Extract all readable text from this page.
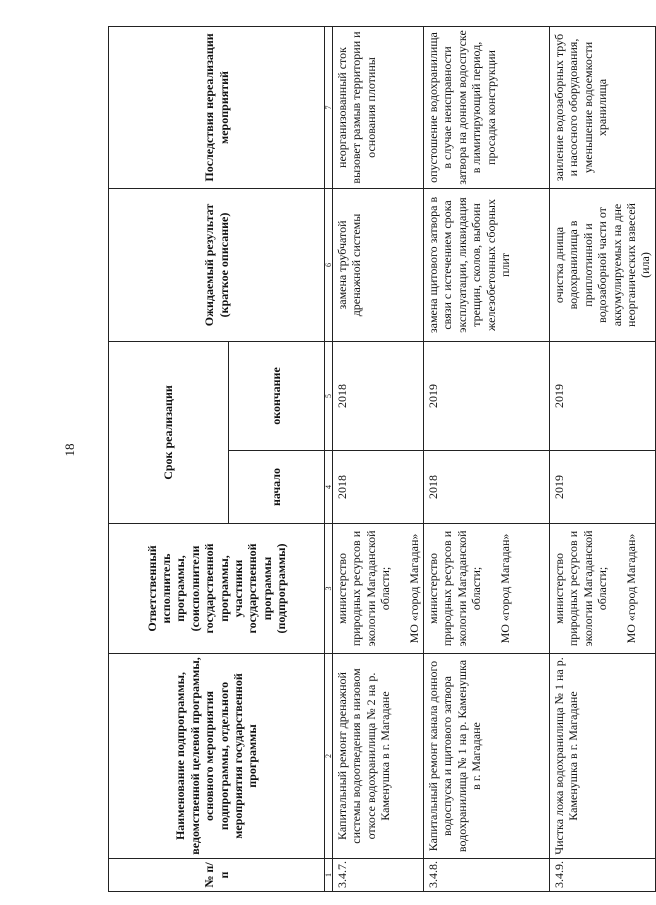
18
№ п/п	Наименование подпрограммы, ведомственной целевой программы, основного мероприятия подпрограммы, отдельного мероприятия государственной программы	Ответственный исполнитель программы, (соисполнители государственной программы, участники государственной программы (подпрограммы)	Срок реализации		Ожидаемый результат (краткое описание)	Последствия нереализации мероприятий
			начало	окончание		
1	2	3	4	5	6	7
3.4.7.	Капитальный ремонт дренажной системы водоотведения в низовом откосе водохранилища № 2 на р. Каменушка в г. Магадане	министерство природных ресурсов и экологии Магаданской области; МО «город Магадан»	2018	2018	замена трубчатой дренажной системы	неорганизованный сток вызовет размыв территории и основания плотины
3.4.8.	Капитальный ремонт канала донного водоспуска и щитового затвора водохранилища № 1 на р. Каменушка в г. Магадане	министерство природных ресурсов и экологии Магаданской области; МО «город Магадан»	2018	2019	замена щитового затвора в связи с истечением срока эксплуатации, ликвидация трещин, сколов, выбоин железобетонных сборных плит	опустошение водохранилища в случае неисправности затвора на донном водоспуске в лимитирующий период, просадка конструкции
3.4.9.	Чистка ложа водохранилища № 1 на р. Каменушка в г. Магадане	министерство природных ресурсов и экологии Магаданской области; МО «город Магадан»	2019	2019	очистка днища водохранилища в приплотинной и водозаборной части от аккумулируемых на дне неорганических взвесей (ила)	заиление водозаборных труб и насосного оборудования, уменьшение водоемкости хранилища
